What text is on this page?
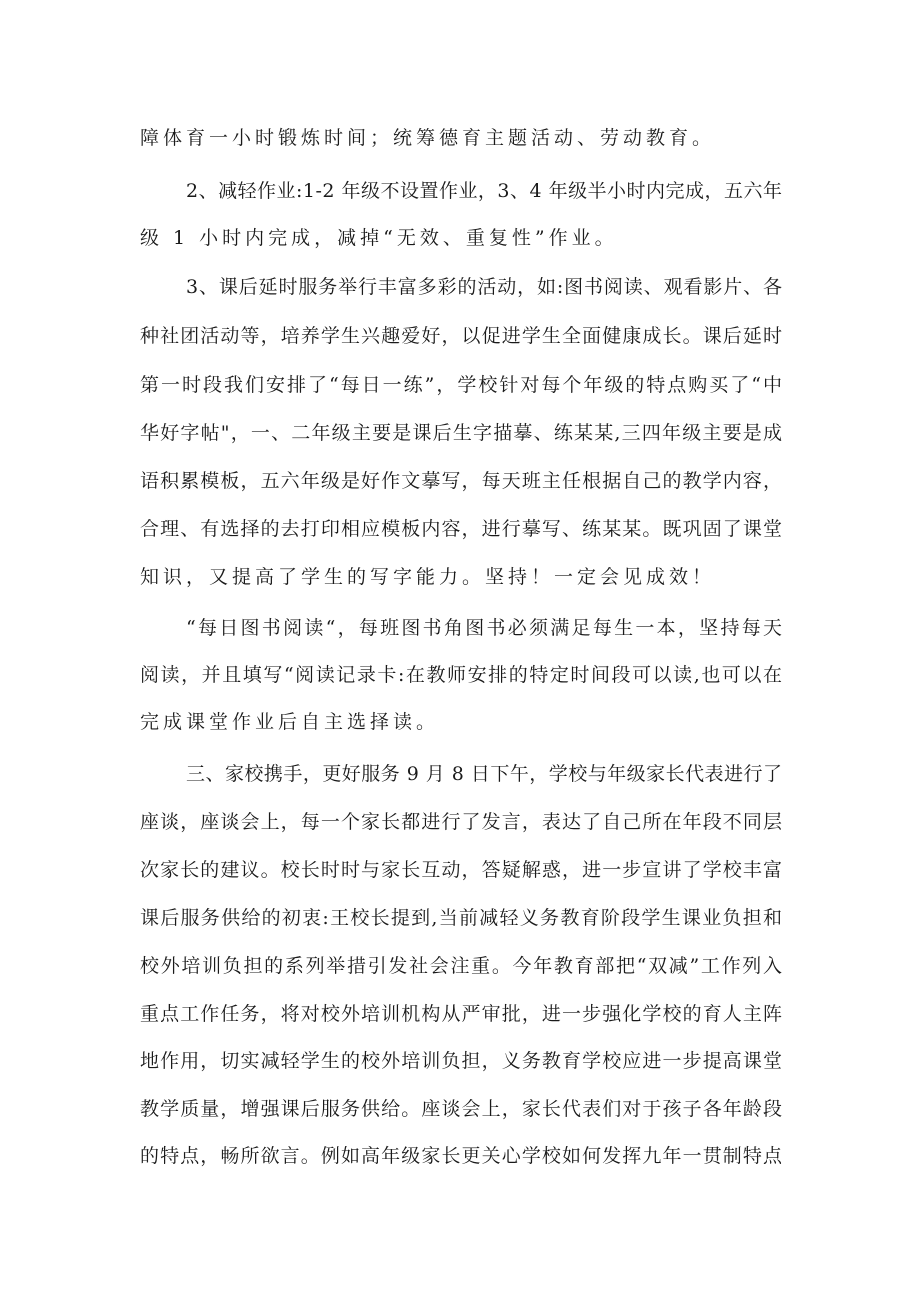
障体育一小时锻炼时间；统筹德育主题活动、劳动教育。
2、减轻作业:1-2 年级不设置作业，3、4 年级半小时内完成，五六年
级 1 小时内完成，减掉“无效、重复性”作业。
3、课后延时服务举行丰富多彩的活动，如:图书阅读、观看影片、各
种社团活动等，培养学生兴趣爱好，以促进学生全面健康成长。课后延时
第一时段我们安排了“每日一练”，学校针对每个年级的特点购买了“中
华好字帖"，一、二年级主要是课后生字描摹、练某某,三四年级主要是成
语积累模板，五六年级是好作文摹写，每天班主任根据自己的教学内容，
合理、有选择的去打印相应模板内容，进行摹写、练某某。既巩固了课堂
知识，又提高了学生的写字能力。坚持！一定会见成效！
“每日图书阅读“，每班图书角图书必须满足每生一本，坚持每天
阅读，并且填写“阅读记录卡:在教师安排的特定时间段可以读,也可以在
完成课堂作业后自主选择读。
三、家校携手，更好服务 9 月 8 日下午，学校与年级家长代表进行了
座谈，座谈会上，每一个家长都进行了发言，表达了自己所在年段不同层
次家长的建议。校长时时与家长互动，答疑解惑，进一步宣讲了学校丰富
课后服务供给的初衷:王校长提到,当前减轻义务教育阶段学生课业负担和
校外培训负担的系列举措引发社会注重。今年教育部把“双减”工作列入
重点工作任务，将对校外培训机构从严审批，进一步强化学校的育人主阵
地作用，切实减轻学生的校外培训负担，义务教育学校应进一步提高课堂
教学质量，增强课后服务供给。座谈会上，家长代表们对于孩子各年龄段
的特点，畅所欲言。例如高年级家长更关心学校如何发挥九年一贯制特点
